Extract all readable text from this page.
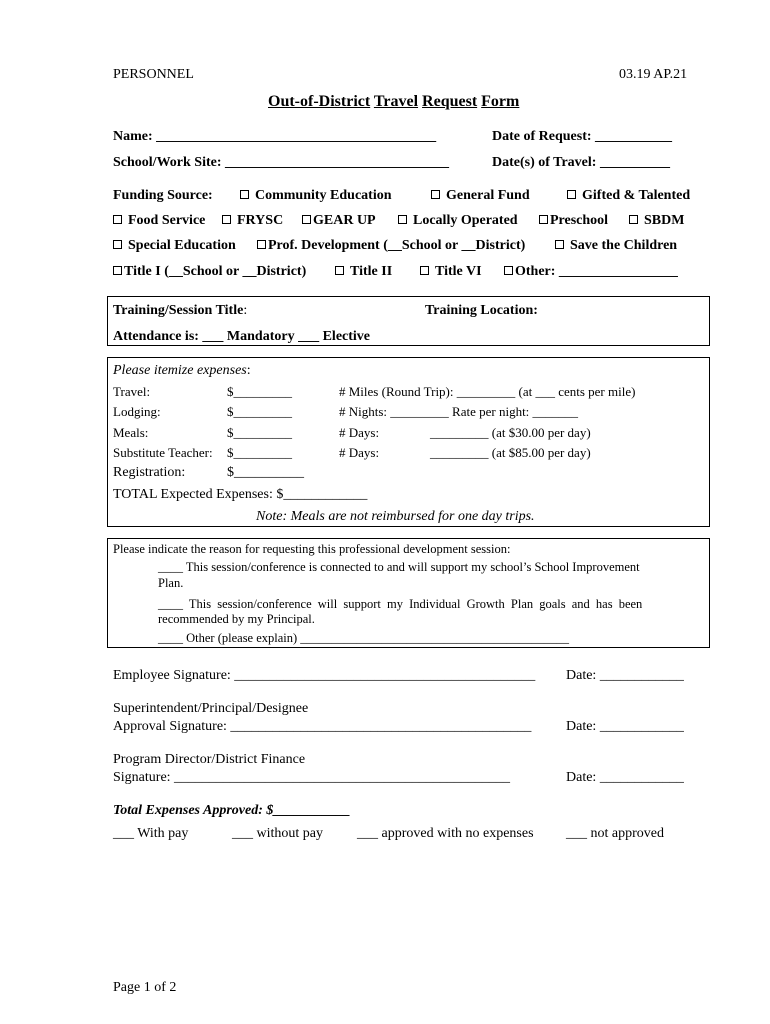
PERSONNEL	03.19 AP.21
Out-of-District Travel Request Form
Name: ________________________________________	Date of Request: ___________
School/Work Site: ________________________________	Date(s) of Travel: __________
Funding Source:	Community Education	General Fund	Gifted & Talented
Food Service	FRYSC	GEAR UP	Locally Operated	Preschool	SBDM
Special Education	Prof. Development (__School or __District)	Save the Children
Title I (__School or __District)	Title II	Title VI	Other: _________________
Training/Session Title:	Training Location:
Attendance is: ___ Mandatory ___ Elective
Please itemize expenses:
Travel:	$_________	# Miles (Round Trip): _________ (at ___ cents per mile)
Lodging:	$_________	# Nights: _________ Rate per night: _______
Meals:	$_________	# Days:	_________ (at $30.00 per day)
Substitute Teacher: $_________	# Days:	_________ (at $85.00 per day)
Registration:	$__________
TOTAL Expected Expenses: $____________
Note: Meals are not reimbursed for one day trips.
Please indicate the reason for requesting this professional development session:
____ This session/conference is connected to and will support my school’s School Improvement
Plan.
____ This session/conference will support my Individual Growth Plan goals and has been
recommended by my Principal.
____ Other (please explain) ___________________________________________
Employee Signature: ___________________________________________ Date: ____________
Superintendent/Principal/Designee
Approval Signature: ___________________________________________ Date: ____________
Program Director/District Finance
Signature: ________________________________________________	Date: ____________
Total Expenses Approved: $___________
___ With pay	___ without pay ___ approved with no expenses ___ not approved
Page 1 of 2
